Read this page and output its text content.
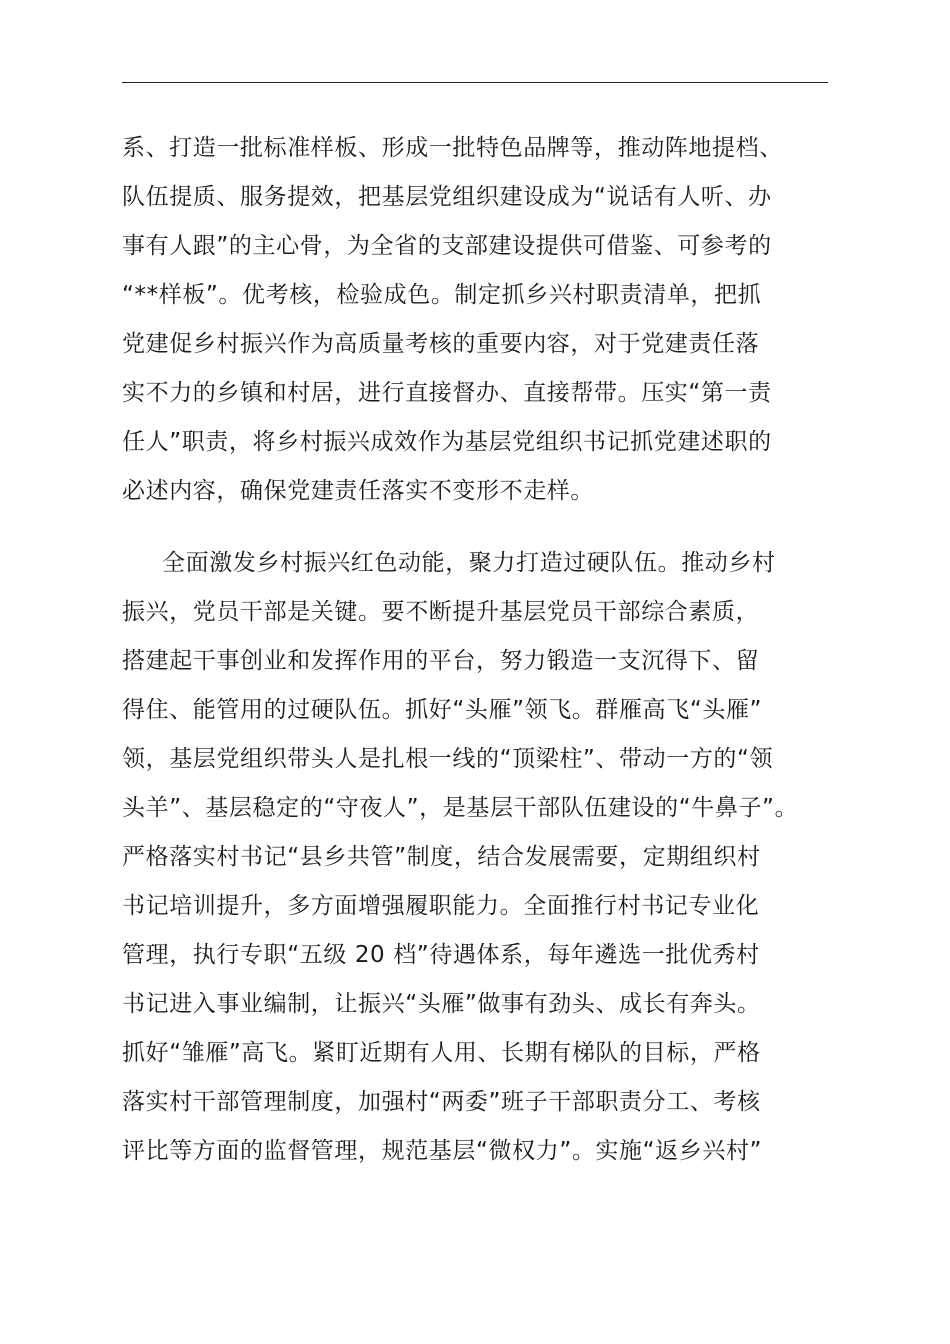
系、打造一批标准样板、形成一批特色品牌等，推动阵地提档、
队伍提质、服务提效，把基层党组织建设成为“说话有人听、办
事有人跟”的主心骨，为全省的支部建设提供可借鉴、可参考的
“**样板”。优考核，检验成色。制定抓乡兴村职责清单，把抓
党建促乡村振兴作为高质量考核的重要内容，对于党建责任落
实不力的乡镇和村居，进行直接督办、直接帮带。压实“第一责
任人”职责，将乡村振兴成效作为基层党组织书记抓党建述职的
必述内容，确保党建责任落实不变形不走样。
全面激发乡村振兴红色动能，聚力打造过硬队伍。推动乡村
振兴，党员干部是关键。要不断提升基层党员干部综合素质，
搭建起干事创业和发挥作用的平台，努力锻造一支沉得下、留
得住、能管用的过硬队伍。抓好“头雁”领飞。群雁高飞“头雁”
领，基层党组织带头人是扎根一线的“顶梁柱”、带动一方的“领
头羊”、基层稳定的“守夜人”，是基层干部队伍建设的“牛鼻子”。
严格落实村书记“县乡共管”制度，结合发展需要，定期组织村
书记培训提升，多方面增强履职能力。全面推行村书记专业化
管理，执行专职“五级 20 档”待遇体系，每年遴选一批优秀村
书记进入事业编制，让振兴“头雁”做事有劲头、成长有奔头。
抓好“雏雁”高飞。紧盯近期有人用、长期有梯队的目标，严格
落实村干部管理制度，加强村“两委”班子干部职责分工、考核
评比等方面的监督管理，规范基层“微权力”。实施“返乡兴村”
